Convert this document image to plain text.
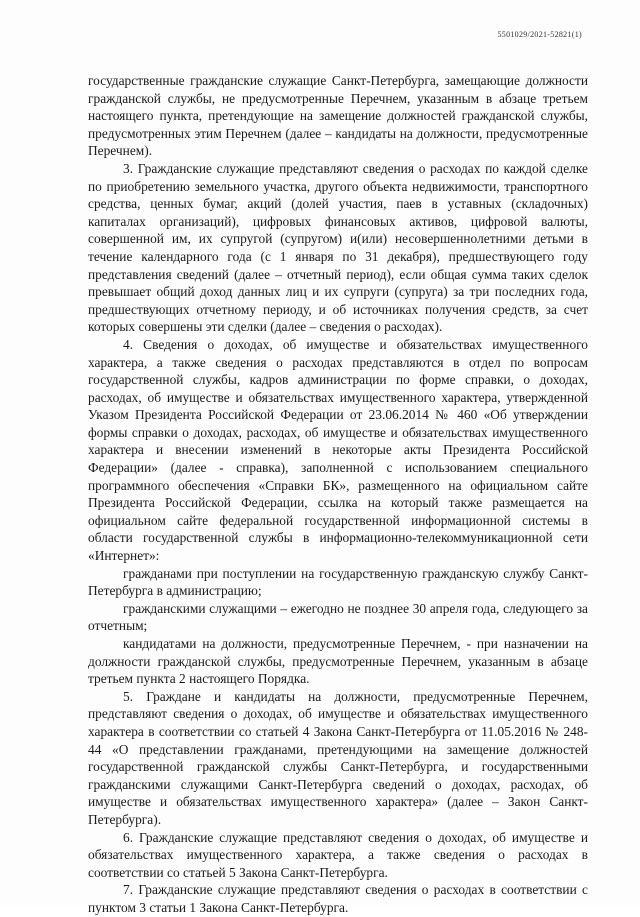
5501029/2021-52821(1)

государственные гражданские служащие Санкт-Петербурга, замещающие должности гражданской службы, не предусмотренные Перечнем, указанным в абзаце третьем настоящего пункта, претендующие на замещение должностей гражданской службы, предусмотренных этим Перечнем (далее – кандидаты на должности, предусмотренные Перечнем).

3. Гражданские служащие представляют сведения о расходах по каждой сделке по приобретению земельного участка, другого объекта недвижимости, транспортного средства, ценных бумаг, акций (долей участия, паев в уставных (складочных) капиталах организаций), цифровых финансовых активов, цифровой валюты, совершенной им, их супругой (супругом) и(или) несовершеннолетними детьми в течение календарного года (с 1 января по 31 декабря), предшествующего году представления сведений (далее – отчетный период), если общая сумма таких сделок превышает общий доход данных лиц и их супруги (супруга) за три последних года, предшествующих отчетному периоду, и об источниках получения средств, за счет которых совершены эти сделки (далее – сведения о расходах).

4. Сведения о доходах, об имуществе и обязательствах имущественного характера, а также сведения о расходах представляются в отдел по вопросам государственной службы, кадров администрации по форме справки, о доходах, расходах, об имуществе и обязательствах имущественного характера, утвержденной Указом Президента Российской Федерации от 23.06.2014 № 460 «Об утверждении формы справки о доходах, расходах, об имуществе и обязательствах имущественного характера и внесении изменений в некоторые акты Президента Российской Федерации» (далее - справка), заполненной с использованием специального программного обеспечения «Справки БК», размещенного на официальном сайте Президента Российской Федерации, ссылка на который также размещается на официальном сайте федеральной государственной информационной системы в области государственной службы в информационно-телекоммуникационной сети «Интернет»:

гражданами при поступлении на государственную гражданскую службу Санкт-Петербурга в администрацию;

гражданскими служащими – ежегодно не позднее 30 апреля года, следующего за отчетным;

кандидатами на должности, предусмотренные Перечнем, - при назначении на должности гражданской службы, предусмотренные Перечнем, указанным в абзаце третьем пункта 2 настоящего Порядка.

5. Граждане и кандидаты на должности, предусмотренные Перечнем, представляют сведения о доходах, об имуществе и обязательствах имущественного характера в соответствии со статьей 4 Закона Санкт-Петербурга от 11.05.2016 № 248-44 «О представлении гражданами, претендующими на замещение должностей государственной гражданской службы Санкт-Петербурга, и государственными гражданскими служащими Санкт-Петербурга сведений о доходах, расходах, об имуществе и обязательствах имущественного характера» (далее – Закон Санкт-Петербурга).

6. Гражданские служащие представляют сведения о доходах, об имуществе и обязательствах имущественного характера, а также сведения о расходах в соответствии со статьей 5 Закона Санкт-Петербурга.

7. Гражданские служащие представляют сведения о расходах в соответствии с пунктом 3 статьи 1 Закона Санкт-Петербурга.
